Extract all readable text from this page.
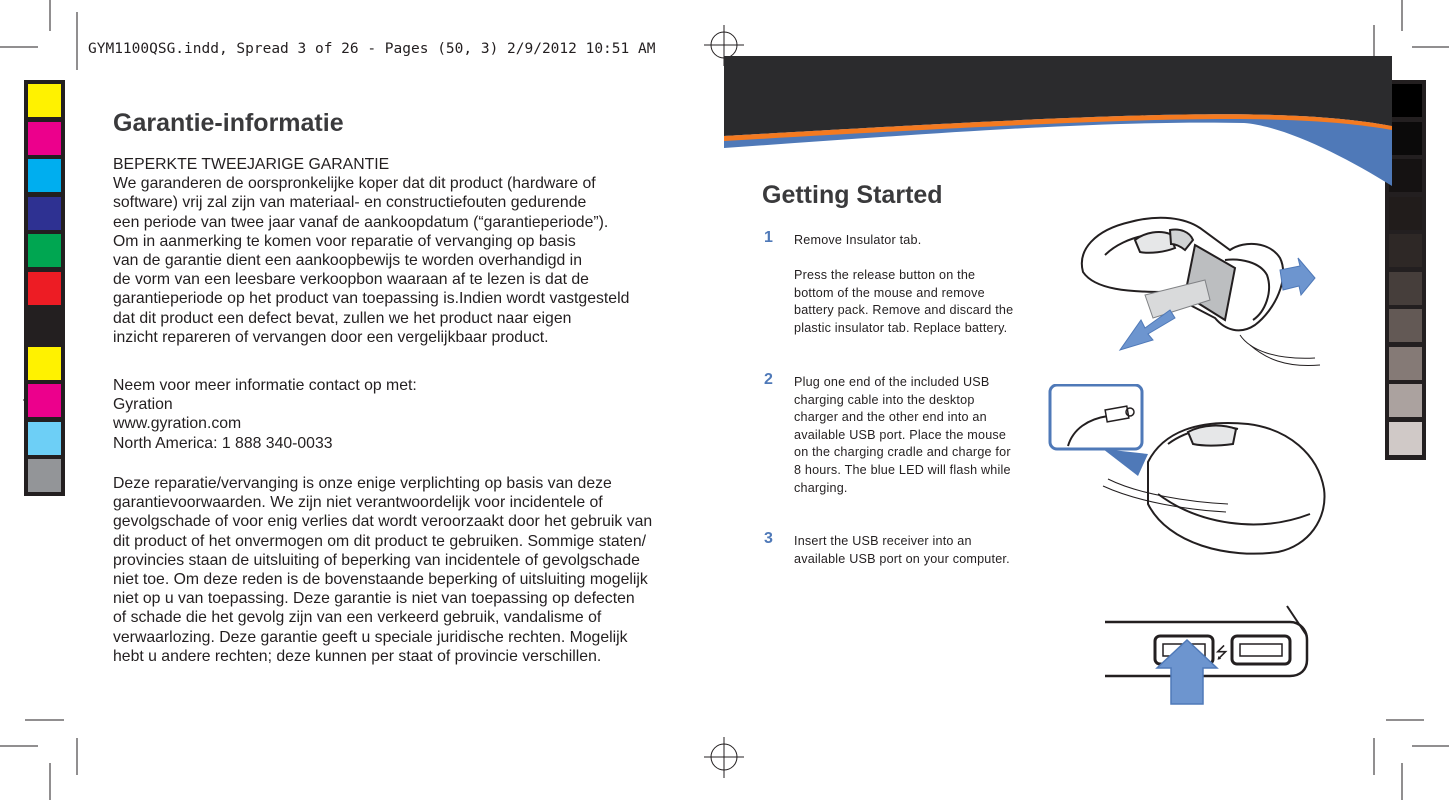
GYM1100QSG.indd, Spread 3 of 26 - Pages (50, 3) 2/9/2012 10:51 AM
Garantie-informatie

BEPERKTE TWEEJARIGE GARANTIE

We garanderen de oorspronkelijke koper dat dit product (hardware of

software) vrij zal zijn van materiaal- en constructiefouten gedurende

een periode van twee jaar vanaf de aankoopdatum (“garantieperiode”).

Om in aanmerking te komen voor reparatie of vervanging op basis

van de garantie dient een aankoopbewijs te worden overhandigd in

de vorm van een leesbare verkoopbon waaraan af te lezen is dat de

garantieperiode op het product van toepassing is.Indien wordt vastgesteld

dat dit product een defect bevat, zullen we het product naar eigen

inzicht repareren of vervangen door een vergelijkbaar product.

Neem voor meer informatie contact op met:

Gyration

www.gyration.com

North America: 1 888 340-0033

Deze reparatie/vervanging is onze enige verplichting op basis van deze

garantievoorwaarden. We zijn niet verantwoordelijk voor incidentele of

gevolgschade of voor enig verlies dat wordt veroorzaakt door het gebruik van

dit product of het onvermogen om dit product te gebruiken. Sommige staten/

provincies staan de uitsluiting of beperking van incidentele of gevolgschade

niet toe. Om deze reden is de bovenstaande beperking of uitsluiting mogelijk

niet op u van toepassing. Deze garantie is niet van toepassing op defecten

of schade die het gevolg zijn van een verkeerd gebruik, vandalisme of

verwaarlozing. Deze garantie geeft u speciale juridische rechten. Mogelijk

hebt u andere rechten; deze kunnen per staat of provincie verschillen.

Getting Started
1 Remove Insulator tab.

Press the release button on the

bottom of the mouse and remove

battery pack. Remove and discard the

plastic insulator tab. Replace battery.

2 Plug one end of the included USB

charging cable into the desktop

charger and the other end into an

available USB port. Place the mouse

on the charging cradle and charge for

8 hours. The blue LED will flash while

charging.

3 Insert the USB receiver into an

available USB port on your computer.

⭍
